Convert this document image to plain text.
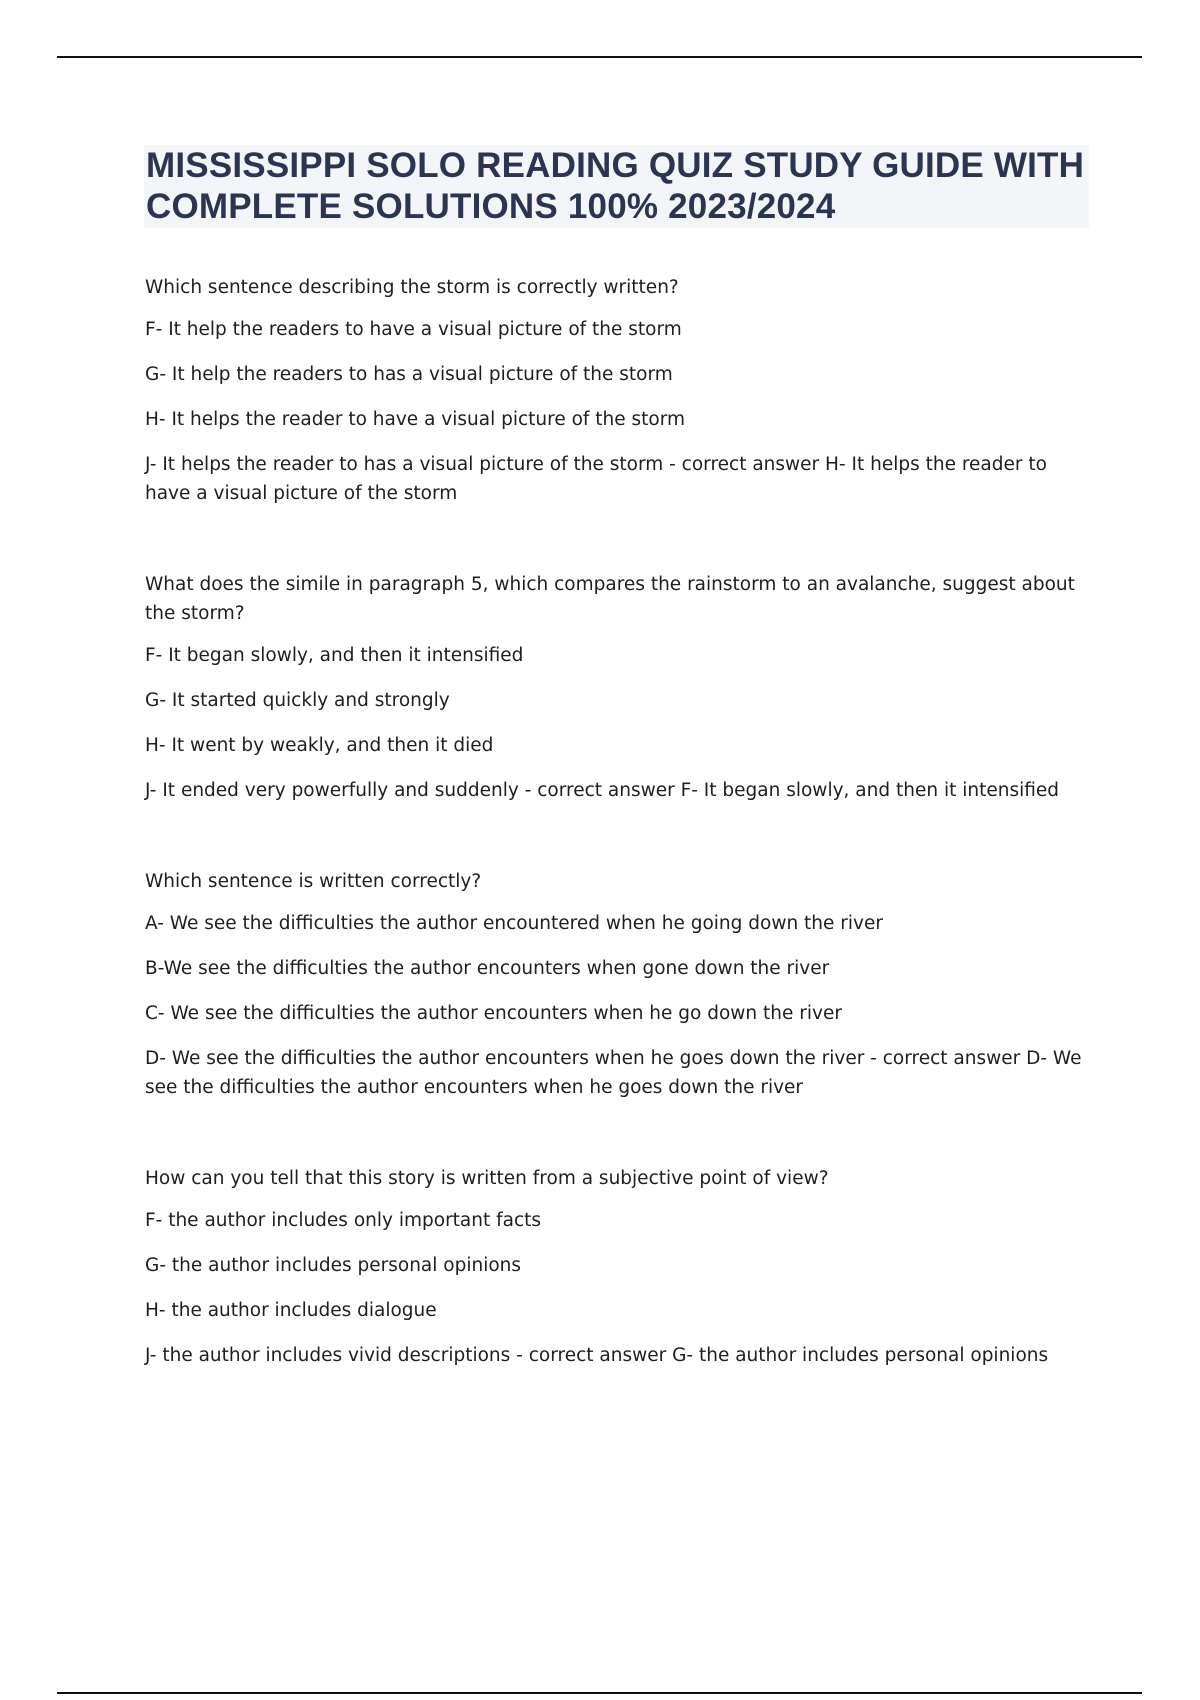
MISSISSIPPI SOLO READING QUIZ STUDY GUIDE WITH COMPLETE SOLUTIONS 100% 2023/2024

Which sentence describing the storm is correctly written?

F- It help the readers to have a visual picture of the storm

G- It help the readers to has a visual picture of the storm

H- It helps the reader to have a visual picture of the storm

J- It helps the reader to has a visual picture of the storm - correct answer H- It helps the reader to have a visual picture of the storm

What does the simile in paragraph 5, which compares the rainstorm to an avalanche, suggest about the storm?

F- It began slowly, and then it intensified

G- It started quickly and strongly

H- It went by weakly, and then it died

J- It ended very powerfully and suddenly - correct answer F- It began slowly, and then it intensified

Which sentence is written correctly?

A- We see the difficulties the author encountered when he going down the river

B-We see the difficulties the author encounters when gone down the river

C- We see the difficulties the author encounters when he go down the river

D- We see the difficulties the author encounters when he goes down the river - correct answer D- We see the difficulties the author encounters when he goes down the river

How can you tell that this story is written from a subjective point of view?

F- the author includes only important facts

G- the author includes personal opinions

H- the author includes dialogue

J- the author includes vivid descriptions - correct answer G- the author includes personal opinions
